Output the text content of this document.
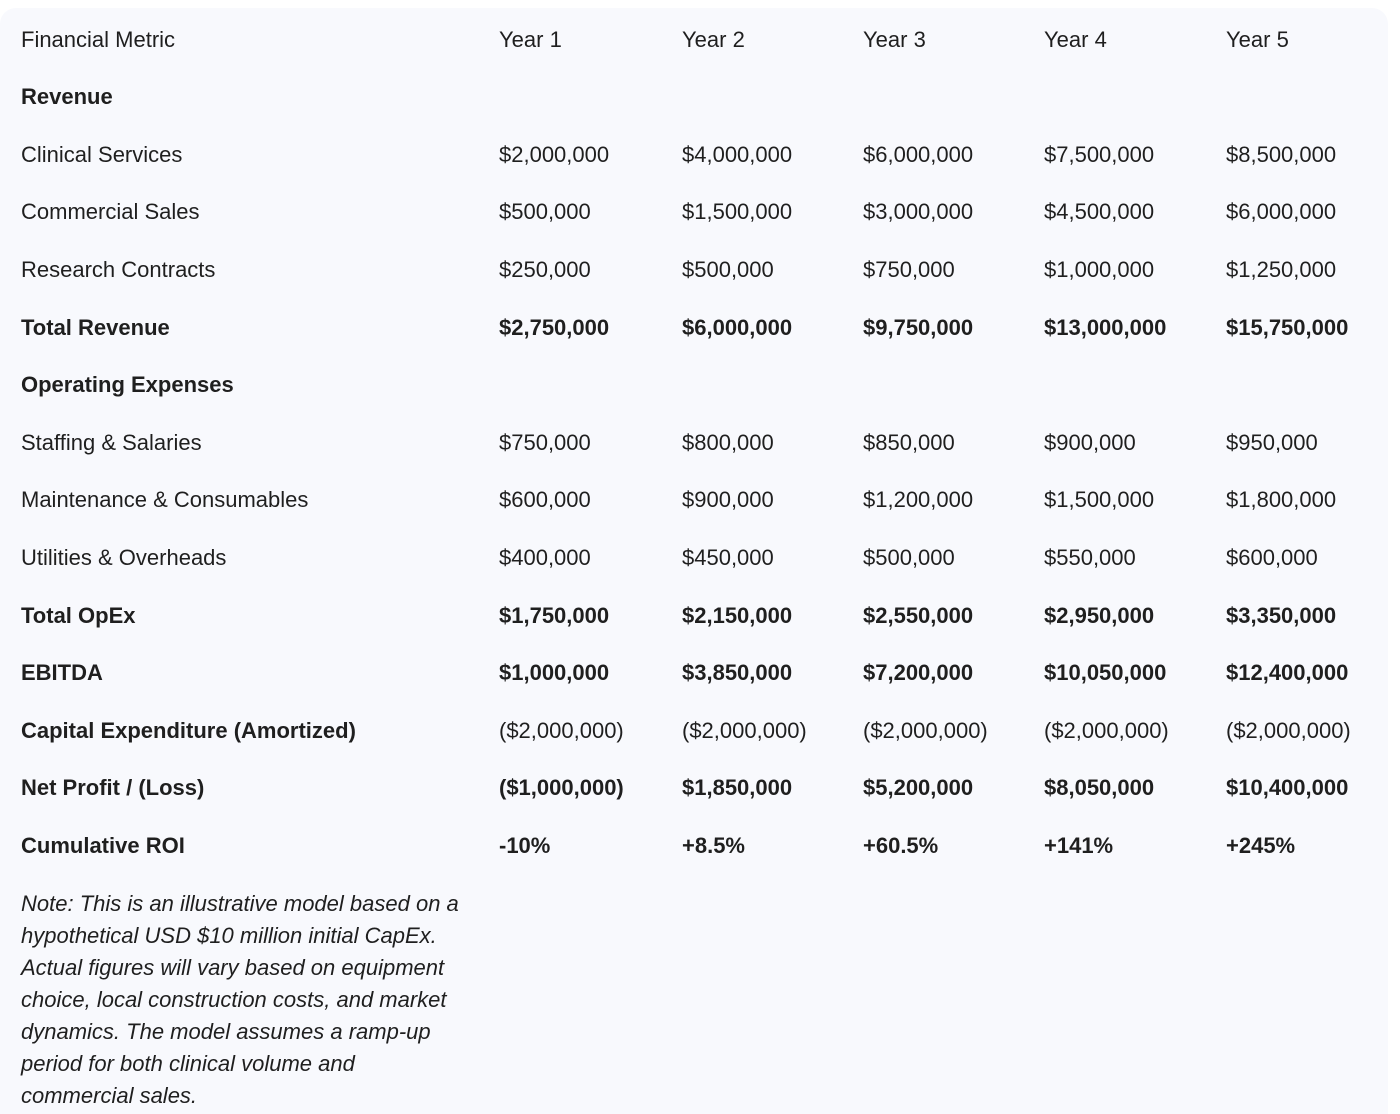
Financial Metric	Year 1	Year 2	Year 3	Year 4	Year 5
Revenue
Clinical Services	$2,000,000	$4,000,000	$6,000,000	$7,500,000	$8,500,000
Commercial Sales	$500,000	$1,500,000	$3,000,000	$4,500,000	$6,000,000
Research Contracts	$250,000	$500,000	$750,000	$1,000,000	$1,250,000
Total Revenue	$2,750,000	$6,000,000	$9,750,000	$13,000,000	$15,750,000
Operating Expenses
Staffing & Salaries	$750,000	$800,000	$850,000	$900,000	$950,000
Maintenance & Consumables	$600,000	$900,000	$1,200,000	$1,500,000	$1,800,000
Utilities & Overheads	$400,000	$450,000	$500,000	$550,000	$600,000
Total OpEx	$1,750,000	$2,150,000	$2,550,000	$2,950,000	$3,350,000
EBITDA	$1,000,000	$3,850,000	$7,200,000	$10,050,000	$12,400,000
Capital Expenditure (Amortized)	($2,000,000)	($2,000,000)	($2,000,000)	($2,000,000)	($2,000,000)
Net Profit / (Loss)	($1,000,000)	$1,850,000	$5,200,000	$8,050,000	$10,400,000
Cumulative ROI	-10%	+8.5%	+60.5%	+141%	+245%
Note: This is an illustrative model based on a hypothetical USD $10 million initial CapEx. Actual figures will vary based on equipment choice, local construction costs, and market dynamics. The model assumes a ramp-up period for both clinical volume and commercial sales.
